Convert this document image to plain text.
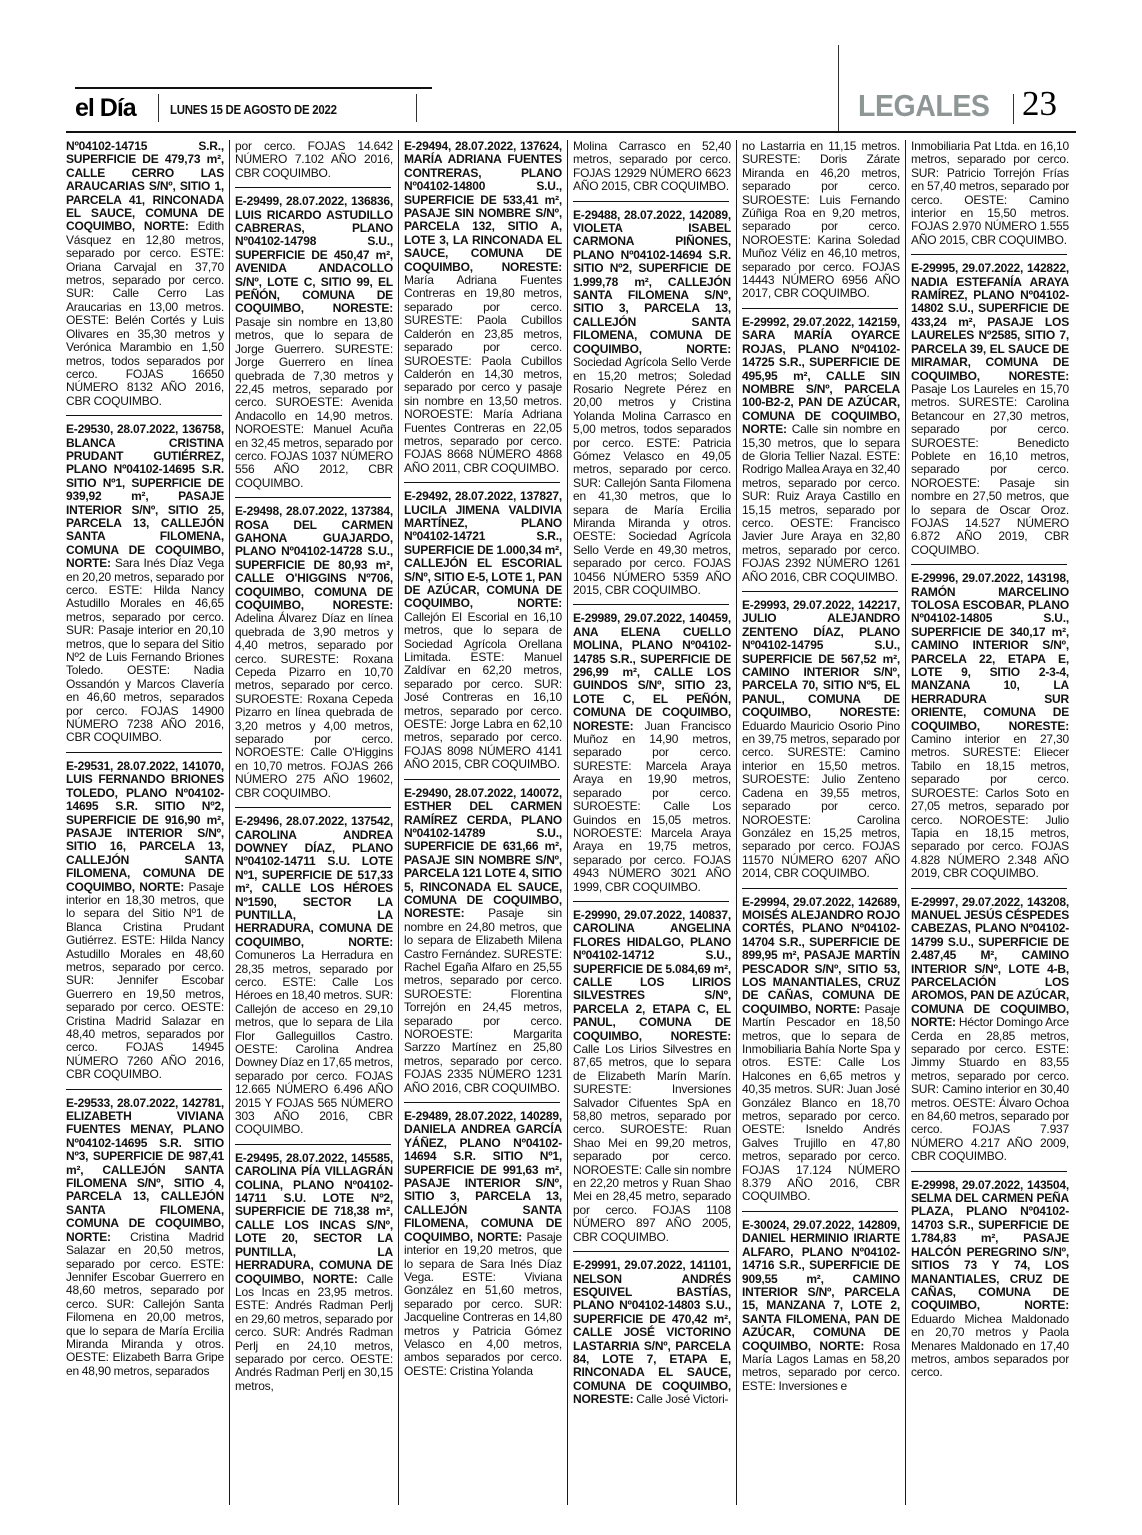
el Día	LUNES 15 DE AGOSTO DE 2022	LEGALES 23

Nº04102-14715 S.R., SUPERFICIE DE 479,73 m², CALLE CERRO LAS ARAUCARIAS S/Nº, SITIO 1, PARCELA 41, RINCONADA EL SAUCE, COMUNA DE COQUIMBO, NORTE: Edith Vásquez en 12,80 metros, separado por cerco. ESTE: Oriana Carvajal en 37,70 metros, separado por cerco. SUR: Calle Cerro Las Araucarias en 13,00 metros. OESTE: Belén Cortés y Luis Olivares en 35,30 metros y Verónica Marambio en 1,50 metros, todos separados por cerco. FOJAS 16650 NÚMERO 8132 AÑO 2016, CBR COQUIMBO.

E-29530, 28.07.2022, 136758, BLANCA CRISTINA PRUDANT GUTIÉRREZ, PLANO Nº04102-14695 S.R. SITIO Nº1, SUPERFICIE DE 939,92 m², PASAJE INTERIOR S/Nº, SITIO 25, PARCELA 13, CALLEJÓN SANTA FILOMENA, COMUNA DE COQUIMBO, NORTE: Sara Inés Díaz Vega en 20,20 metros, separado por cerco. ESTE: Hilda Nancy Astudillo Morales en 46,65 metros, separado por cerco. SUR: Pasaje interior en 20,10 metros, que lo separa del Sitio Nº2 de Luis Fernando Briones Toledo. OESTE: Nadia Ossandón y Marcos Clavería en 46,60 metros, separados por cerco. FOJAS 14900 NÚMERO 7238 AÑO 2016, CBR COQUIMBO.

E-29531, 28.07.2022, 141070, LUIS FERNANDO BRIONES TOLEDO, PLANO Nº04102-14695 S.R. SITIO Nº2, SUPERFICIE DE 916,90 m², PASAJE INTERIOR S/Nº, SITIO 16, PARCELA 13, CALLEJÓN SANTA FILOMENA, COMUNA DE COQUIMBO, NORTE: Pasaje interior en 18,30 metros, que lo separa del Sitio Nº1 de Blanca Cristina Prudant Gutiérrez. ESTE: Hilda Nancy Astudillo Morales en 48,60 metros, separado por cerco. SUR: Jennifer Escobar Guerrero en 19,50 metros, separado por cerco. OESTE: Cristina Madrid Salazar en 48,40 metros, separados por cerco. FOJAS 14945 NÚMERO 7260 AÑO 2016, CBR COQUIMBO.

E-29533, 28.07.2022, 142781, ELIZABETH VIVIANA FUENTES MENAY, PLANO Nº04102-14695 S.R. SITIO Nº3, SUPERFICIE DE 987,41 m², CALLEJÓN SANTA FILOMENA S/Nº, SITIO 4, PARCELA 13, CALLEJÓN SANTA FILOMENA, COMUNA DE COQUIMBO, NORTE: Cristina Madrid Salazar en 20,50 metros, separado por cerco. ESTE: Jennifer Escobar Guerrero en 48,60 metros, separado por cerco. SUR: Callejón Santa Filomena en 20,00 metros, que lo separa de María Ercilia Miranda Miranda y otros. OESTE: Elizabeth Barra Gripe en 48,90 metros, separados

por cerco. FOJAS 14.642 NÚMERO 7.102 AÑO 2016, CBR COQUIMBO.

E-29499, 28.07.2022, 136836, LUIS RICARDO ASTUDILLO CABRERAS, PLANO Nº04102-14798 S.U., SUPERFICIE DE 450,47 m², AVENIDA ANDACOLLO S/Nº, LOTE C, SITIO 99, EL PEÑÓN, COMUNA DE COQUIMBO, NORESTE: Pasaje sin nombre en 13,80 metros, que lo separa de Jorge Guerrero. SURESTE: Jorge Guerrero en línea quebrada de 7,30 metros y 22,45 metros, separado por cerco. SUROESTE: Avenida Andacollo en 14,90 metros. NOROESTE: Manuel Acuña en 32,45 metros, separado por cerco. FOJAS 1037 NÚMERO 556 AÑO 2012, CBR COQUIMBO.

E-29498, 28.07.2022, 137384, ROSA DEL CARMEN GAHONA GUAJARDO, PLANO Nº04102-14728 S.U., SUPERFICIE DE 80,93 m², CALLE O'HIGGINS Nº706, COQUIMBO, COMUNA DE COQUIMBO, NORESTE: Adelina Álvarez Díaz en línea quebrada de 3,90 metros y 4,40 metros, separado por cerco. SURESTE: Roxana Cepeda Pizarro en 10,70 metros, separado por cerco. SUROESTE: Roxana Cepeda Pizarro en línea quebrada de 3,20 metros y 4,00 metros, separado por cerco. NOROESTE: Calle O'Higgins en 10,70 metros. FOJAS 266 NÚMERO 275 AÑO 19602, CBR COQUIMBO.

E-29496, 28.07.2022, 137542, CAROLINA ANDREA DOWNEY DÍAZ, PLANO Nº04102-14711 S.U. LOTE Nº1, SUPERFICIE DE 517,33 m², CALLE LOS HÉROES Nº1590, SECTOR LA PUNTILLA, LA HERRADURA, COMUNA DE COQUIMBO, NORTE: Comuneros La Herradura en 28,35 metros, separado por cerco. ESTE: Calle Los Héroes en 18,40 metros. SUR: Callejón de acceso en 29,10 metros, que lo separa de Lila Flor Galleguillos Castro. OESTE: Carolina Andrea Downey Díaz en 17,65 metros, separado por cerco. FOJAS 12.665 NÚMERO 6.496 AÑO 2015 Y FOJAS 565 NÚMERO 303 AÑO 2016, CBR COQUIMBO.

E-29495, 28.07.2022, 145585, CAROLINA PÍA VILLAGRÁN COLINA, PLANO Nº04102-14711 S.U. LOTE Nº2, SUPERFICIE DE 718,38 m², CALLE LOS INCAS S/Nº, LOTE 20, SECTOR LA PUNTILLA, LA HERRADURA, COMUNA DE COQUIMBO, NORTE: Calle Los Incas en 23,95 metros. ESTE: Andrés Radman Perlj en 29,60 metros, separado por cerco. SUR: Andrés Radman Perlj en 24,10 metros, separado por cerco. OESTE: Andrés Radman Perlj en 30,15 metros,

E-29494, 28.07.2022, 137624, MARÍA ADRIANA FUENTES CONTRERAS, PLANO Nº04102-14800 S.U., SUPERFICIE DE 533,41 m², PASAJE SIN NOMBRE S/Nº, PARCELA 132, SITIO A, LOTE 3, LA RINCONADA EL SAUCE, COMUNA DE COQUIMBO, NORESTE: María Adriana Fuentes Contreras en 19,80 metros, separado por cerco. SURESTE: Paola Cubillos Calderón en 23,85 metros, separado por cerco. SUROESTE: Paola Cubillos Calderón en 14,30 metros, separado por cerco y pasaje sin nombre en 13,50 metros. NOROESTE: María Adriana Fuentes Contreras en 22,05 metros, separado por cerco. FOJAS 8668 NÚMERO 4868 AÑO 2011, CBR COQUIMBO.

E-29492, 28.07.2022, 137827, LUCILA JIMENA VALDIVIA MARTÍNEZ, PLANO Nº04102-14721 S.R., SUPERFICIE DE 1.000,34 m², CALLEJÓN EL ESCORIAL S/Nº, SITIO E-5, LOTE 1, PAN DE AZÚCAR, COMUNA DE COQUIMBO, NORTE: Callejón El Escorial en 16,10 metros, que lo separa de Sociedad Agrícola Orellana Limitada. ESTE: Manuel Zaldívar en 62,20 metros, separado por cerco. SUR: José Contreras en 16,10 metros, separado por cerco. OESTE: Jorge Labra en 62,10 metros, separado por cerco. FOJAS 8098 NÚMERO 4141 AÑO 2015, CBR COQUIMBO.

E-29490, 28.07.2022, 140072, ESTHER DEL CARMEN RAMÍREZ CERDA, PLANO Nº04102-14789 S.U., SUPERFICIE DE 631,66 m², PASAJE SIN NOMBRE S/Nº, PARCELA 121 LOTE 4, SITIO 5, RINCONADA EL SAUCE, COMUNA DE COQUIMBO, NORESTE: Pasaje sin nombre en 24,80 metros, que lo separa de Elizabeth Milena Castro Fernández. SURESTE: Rachel Egaña Alfaro en 25,55 metros, separado por cerco. SUROESTE: Florentina Torrejón en 24,45 metros, separado por cerco. NOROESTE: Margarita Sarzzo Martínez en 25,80 metros, separado por cerco. FOJAS 2335 NÚMERO 1231 AÑO 2016, CBR COQUIMBO.

E-29489, 28.07.2022, 140289, DANIELA ANDREA GARCÍA YÁÑEZ, PLANO Nº04102-14694 S.R. SITIO Nº1, SUPERFICIE DE 991,63 m², PASAJE INTERIOR S/Nº, SITIO 3, PARCELA 13, CALLEJÓN SANTA FILOMENA, COMUNA DE COQUIMBO, NORTE: Pasaje interior en 19,20 metros, que lo separa de Sara Inés Díaz Vega. ESTE: Viviana González en 51,60 metros, separado por cerco. SUR: Jacqueline Contreras en 14,80 metros y Patricia Gómez Velasco en 4,00 metros, ambos separados por cerco. OESTE: Cristina Yolanda

Molina Carrasco en 52,40 metros, separado por cerco. FOJAS 12929 NÚMERO 6623 AÑO 2015, CBR COQUIMBO.

E-29488, 28.07.2022, 142089, VIOLETA ISABEL CARMONA PIÑONES, PLANO Nº04102-14694 S.R. SITIO Nº2, SUPERFICIE DE 1.999,78 m², CALLEJÓN SANTA FILOMENA S/Nº, SITIO 3, PARCELA 13, CALLEJÓN SANTA FILOMENA, COMUNA DE COQUIMBO, NORTE: Sociedad Agrícola Sello Verde en 15,20 metros; Soledad Rosario Negrete Pérez en 20,00 metros y Cristina Yolanda Molina Carrasco en 5,00 metros, todos separados por cerco. ESTE: Patricia Gómez Velasco en 49,05 metros, separado por cerco. SUR: Callejón Santa Filomena en 41,30 metros, que lo separa de María Ercilia Miranda Miranda y otros. OESTE: Sociedad Agrícola Sello Verde en 49,30 metros, separado por cerco. FOJAS 10456 NÚMERO 5359 AÑO 2015, CBR COQUIMBO.

E-29989, 29.07.2022, 140459, ANA ELENA CUELLO MOLINA, PLANO Nº04102-14785 S.R., SUPERFICIE DE 296,99 m², CALLE LOS GUINDOS S/Nº, SITIO 23, LOTE C, EL PEÑÓN, COMUNA DE COQUIMBO, NORESTE: Juan Francisco Muñoz en 14,90 metros, separado por cerco. SURESTE: Marcela Araya Araya en 19,90 metros, separado por cerco. SUROESTE: Calle Los Guindos en 15,05 metros. NOROESTE: Marcela Araya Araya en 19,75 metros, separado por cerco. FOJAS 4943 NÚMERO 3021 AÑO 1999, CBR COQUIMBO.

E-29990, 29.07.2022, 140837, CAROLINA ANGELINA FLORES HIDALGO, PLANO Nº04102-14712 S.U., SUPERFICIE DE 5.084,69 m², CALLE LOS LIRIOS SILVESTRES S/Nº, PARCELA 2, ETAPA C, EL PANUL, COMUNA DE COQUIMBO, NORESTE: Calle Los Lirios Silvestres en 87,65 metros, que lo separa de Elizabeth Marín Marín. SURESTE: Inversiones Salvador Cifuentes SpA en 58,80 metros, separado por cerco. SUROESTE: Ruan Shao Mei en 99,20 metros, separado por cerco. NOROESTE: Calle sin nombre en 22,20 metros y Ruan Shao Mei en 28,45 metro, separado por cerco. FOJAS 1108 NÚMERO 897 AÑO 2005, CBR COQUIMBO.

E-29991, 29.07.2022, 141101, NELSON ANDRÉS ESQUIVEL BASTÍAS, PLANO Nº04102-14803 S.U., SUPERFICIE DE 470,42 m², CALLE JOSÉ VICTORINO LASTARRIA S/Nº, PARCELA 84, LOTE 7, ETAPA E, RINCONADA EL SAUCE, COMUNA DE COQUIMBO, NORESTE: Calle José Victori-

no Lastarria en 11,15 metros. SURESTE: Doris Zárate Miranda en 46,20 metros, separado por cerco. SUROESTE: Luis Fernando Zúñiga Roa en 9,20 metros, separado por cerco. NOROESTE: Karina Soledad Muñoz Véliz en 46,10 metros, separado por cerco. FOJAS 14443 NÚMERO 6956 AÑO 2017, CBR COQUIMBO.

E-29992, 29.07.2022, 142159, SARA MARÍA OYARCE ROJAS, PLANO Nº04102-14725 S.R., SUPERFICIE DE 495,95 m², CALLE SIN NOMBRE S/Nº, PARCELA 100-B2-2, PAN DE AZÚCAR, COMUNA DE COQUIMBO, NORTE: Calle sin nombre en 15,30 metros, que lo separa de Gloria Tellier Nazal. ESTE: Rodrigo Mallea Araya en 32,40 metros, separado por cerco. SUR: Ruiz Araya Castillo en 15,15 metros, separado por cerco. OESTE: Francisco Javier Jure Araya en 32,80 metros, separado por cerco. FOJAS 2392 NÚMERO 1261 AÑO 2016, CBR COQUIMBO.

E-29993, 29.07.2022, 142217, JULIO ALEJANDRO ZENTENO DÍAZ, PLANO Nº04102-14795 S.U., SUPERFICIE DE 567,52 m², CAMINO INTERIOR S/Nº, PARCELA 70, SITIO Nº5, EL PANUL, COMUNA DE COQUIMBO, NORESTE: Eduardo Mauricio Osorio Pino en 39,75 metros, separado por cerco. SURESTE: Camino interior en 15,50 metros. SUROESTE: Julio Zenteno Cadena en 39,55 metros, separado por cerco. NOROESTE: Carolina González en 15,25 metros, separado por cerco. FOJAS 11570 NÚMERO 6207 AÑO 2014, CBR COQUIMBO.

E-29994, 29.07.2022, 142689, MOISÉS ALEJANDRO ROJO CORTÉS, PLANO Nº04102-14704 S.R., SUPERFICIE DE 899,95 m², PASAJE MARTÍN PESCADOR S/Nº, SITIO 53, LOS MANANTIALES, CRUZ DE CAÑAS, COMUNA DE COQUIMBO, NORTE: Pasaje Martín Pescador en 18,50 metros, que lo separa de Inmobiliaria Bahía Norte Spa y otros. ESTE: Calle Los Halcones en 6,65 metros y 40,35 metros. SUR: Juan José González Blanco en 18,70 metros, separado por cerco. OESTE: Isneldo Andrés Galves Trujillo en 47,80 metros, separado por cerco. FOJAS 17.124 NÚMERO 8.379 AÑO 2016, CBR COQUIMBO.

E-30024, 29.07.2022, 142809, DANIEL HERMINIO IRIARTE ALFARO, PLANO Nº04102-14716 S.R., SUPERFICIE DE 909,55 m², CAMINO INTERIOR S/Nº, PARCELA 15, MANZANA 7, LOTE 2, SANTA FILOMENA, PAN DE AZÚCAR, COMUNA DE COQUIMBO, NORTE: Rosa María Lagos Lamas en 58,20 metros, separado por cerco. ESTE: Inversiones e

Inmobiliaria Pat Ltda. en 16,10 metros, separado por cerco. SUR: Patricio Torrejón Frías en 57,40 metros, separado por cerco. OESTE: Camino interior en 15,50 metros. FOJAS 2.970 NÚMERO 1.555 AÑO 2015, CBR COQUIMBO.

E-29995, 29.07.2022, 142822, NADIA ESTEFANÍA ARAYA RAMÍREZ, PLANO Nº04102-14802 S.U., SUPERFICIE DE 433,24 m², PASAJE LOS LAURELES Nº2585, SITIO 7, PARCELA 39, EL SAUCE DE MIRAMAR, COMUNA DE COQUIMBO, NORESTE: Pasaje Los Laureles en 15,70 metros. SURESTE: Carolina Betancour en 27,30 metros, separado por cerco. SUROESTE: Benedicto Poblete en 16,10 metros, separado por cerco. NOROESTE: Pasaje sin nombre en 27,50 metros, que lo separa de Oscar Oroz. FOJAS 14.527 NÚMERO 6.872 AÑO 2019, CBR COQUIMBO.

E-29996, 29.07.2022, 143198, RAMÓN MARCELINO TOLOSA ESCOBAR, PLANO Nº04102-14805 S.U., SUPERFICIE DE 340,17 m², CAMINO INTERIOR S/Nº, PARCELA 22, ETAPA E, LOTE 9, SITIO 2-3-4, MANZANA 10, LA HERRADURA SUR ORIENTE, COMUNA DE COQUIMBO, NORESTE: Camino interior en 27,30 metros. SURESTE: Eliecer Tabilo en 18,15 metros, separado por cerco. SUROESTE: Carlos Soto en 27,05 metros, separado por cerco. NOROESTE: Julio Tapia en 18,15 metros, separado por cerco. FOJAS 4.828 NÚMERO 2.348 AÑO 2019, CBR COQUIMBO.

E-29997, 29.07.2022, 143208, MANUEL JESÚS CÉSPEDES CABEZAS, PLANO Nº04102-14799 S.U., SUPERFICIE DE 2.487,45 M², CAMINO INTERIOR S/Nº, LOTE 4-B, PARCELACIÓN LOS AROMOS, PAN DE AZÚCAR, COMUNA DE COQUIMBO, NORTE: Héctor Domingo Arce Cerda en 28,85 metros, separado por cerco. ESTE: Jimmy Stuardo en 83,55 metros, separado por cerco. SUR: Camino interior en 30,40 metros. OESTE: Álvaro Ochoa en 84,60 metros, separado por cerco. FOJAS 7.937 NÚMERO 4.217 AÑO 2009, CBR COQUIMBO.

E-29998, 29.07.2022, 143504, SELMA DEL CARMEN PEÑA PLAZA, PLANO Nº04102-14703 S.R., SUPERFICIE DE 1.784,83 m², PASAJE HALCÓN PEREGRINO S/Nº, SITIOS 73 Y 74, LOS MANANTIALES, CRUZ DE CAÑAS, COMUNA DE COQUIMBO, NORTE: Eduardo Michea Maldonado en 20,70 metros y Paola Menares Maldonado en 17,40 metros, ambos separados por cerco.
